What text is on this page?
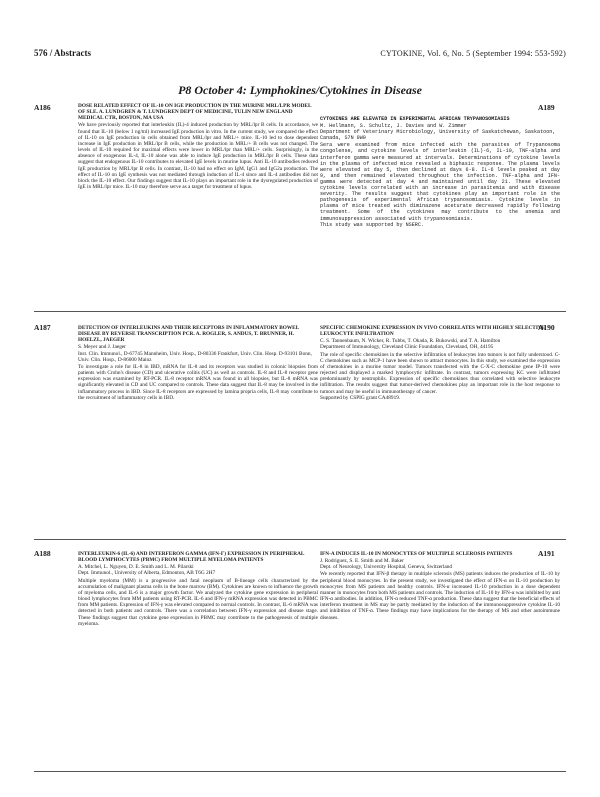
576 / Abstracts	CYTOKINE, Vol. 6, No. 5 (September 1994: 553-592)
P8 October 4: Lymphokines/Cytokines in Disease
A186	DOSE RELATED EFFECT OF IL-10 ON IGE PRODUCTION IN THE MURINE MRL/LPR MODEL OF SLE. A. LUNDGREN & T. LUNDGREN DEPT OF MEDICINE, TULIN NEW ENGLAND MEDICAL CTR, BOSTON, MA USA

We have previously reported that interleukin (IL)-4 induced production by MRL/lpr B cells. In accordance, we found that IL-10 (below 1 ng/ml) increased IgE production in vitro. In the current study, we compared the effect of IL-10 on IgE production in cells obtained from MRL/lpr and MRL/+ mice. IL-10 led to dose dependent increase in IgE production in MRL/lpr B cells, while the production in MRL/+ B cells was not changed. The levels of IL-10 required for maximal effects were lower in MRL/lpr than MRL/+ cells. Surprisingly, in the absence of exogenous IL-4, IL-10 alone was able to induce IgE production in MRL/lpr B cells. These data suggest that endogenous IL-10 contributes to elevated IgE levels in murine lupus. Anti IL-10 antibodies reduced IgE production by MRL/lpr B cells. In contrast, IL-10 had no effect on IgM, IgG1 and IgG2a production. The effect of IL-10 on IgE synthesis was not mediated through induction of IL-4 since anti IL-4 antibodies did not block the IL-10 effect. Our findings suggest that IL-10 plays an important role in the dysregulated production of IgE in MRL/lpr mice. IL-10 may therefore serve as a target for treatment of lupus.

A189

CYTOKINES ARE ELEVATED IN EXPERIMENTAL AFRICAN TRYPANOSOMIASIS

M. Hellmann, S. Schultz, J. Davies and W. Zimmer

Department of Veterinary Microbiology, University of Saskatchewan, Saskatoon, Canada, S7N 0W0

Sera were examined from mice infected with the parasites of Trypanosoma congolense, and cytokine levels of interleukin (IL)-6, IL-10, TNF-alpha and interferon gamma were measured at intervals. Determinations of cytokine levels in the plasma of infected mice revealed a biphasic response. The plasma levels were elevated at day 5, then declined at days 6-8. IL-6 levels peaked at day 9, and then remained elevated throughout the infection. TNF-alpha and IFN-gamma were detected at day 4 and maintained until day 21. These elevated cytokine levels correlated with an increase in parasitemia and with disease severity. The results suggest that cytokines play an important role in the pathogenesis of experimental African trypanosomiasis. Cytokine levels in plasma of mice treated with diminazene aceturate decreased rapidly following treatment. Some of the cytokines may contribute to the anemia and immunosuppression associated with trypanosomiasis.

This study was supported by NSERC.

A187	DETECTION OF INTERLEUKINS AND THEIR RECEPTORS IN INFLAMMATORY BOWEL DISEASE BY REVERSE TRANSCRIPTION PCR. A. ROGLER, S. ANDUS, T. BRUNNER, H. HOELZL, JAEGER

S. Meyer and J. Jaeger

Inst. Clin. Immunol., D-67745 Mannheim, Univ. Hosp., D-80336 Frankfurt, Univ. Clin. Hosp. D-93101 Bonn, Univ. Clin. Hosp., D-86000 Mainz

To investigate a role for IL-8 in IBD, mRNA for IL-8 and its receptors was studied in colonic biopsies from patients with Crohn's disease (CD) and ulcerative colitis (UC) as well as controls. IL-8 and IL-8 receptor gene expression was examined by RT-PCR. IL-8 receptor mRNA was found in all biopsies, but IL-8 mRNA was significantly elevated in CD and UC compared to controls. These data suggest that IL-8 may be involved in the inflammatory process in IBD. Since IL-8 receptors are expressed by lamina propria cells, IL-8 may contribute to the recruitment of inflammatory cells in IBD.

A190

SPECIFIC CHEMOKINE EXPRESSION IN VIVO CORRELATES WITH HIGHLY SELECTIVE LEUKOCYTE INFILTRATION

C. S. Tannenbaum, N. Wicker, R. Tubbs, T. Okada, R. Bukowski, and T. A. Hamilton

Department of Immunology, Cleveland Clinic Foundation, Cleveland, OH, 44195

The role of specific chemokines in the selective infiltration of leukocytes into tumors is not fully understood. C-C chemokines such as MCP-1 have been shown to attract monocytes. In this study, we examined the expression of chemokines in a murine tumor model. Tumors transfected with the C-X-C chemokine gene IP-10 were rejected and displayed a marked lymphocytic infiltrate. In contrast, tumors expressing KC were infiltrated predominantly by neutrophils. Expression of specific chemokines thus correlated with selective leukocyte infiltration. The results suggest that tumor-derived chemokines play an important role in the host response to tumors and may be useful in immunotherapy of cancer.

Supported by CSPIG grant CA48919.

A188	INTERLEUKIN-6 (IL-6) AND INTERFERON GAMMA (IFN-Γ) EXPRESSION IN PERIPHERAL BLOOD LYMPHOCYTES (PBMC) FROM MULTIPLE MYELOMA PATIENTS

A. Mitchel, L. Nguyen, D. E. Smith and L. M. Pilarski

Dept. Immunol., University of Alberta, Edmonton, AB T6G 2H7

Multiple myeloma (MM) is a progressive and fatal neoplasm of B-lineage cells characterized by the accumulation of malignant plasma cells in the bone marrow (BM). Cytokines are known to influence the growth of myeloma cells, and IL-6 is a major growth factor. We analyzed the cytokine gene expression in peripheral blood lymphocytes from MM patients using RT-PCR. IL-6 and IFN-γ mRNA expression was detected in PBMC from MM patients. Expression of IFN-γ was elevated compared to normal controls. In contrast, IL-6 mRNA was detected in both patients and controls. There was a correlation between IFN-γ expression and disease stage. These findings suggest that cytokine gene expression in PBMC may contribute to the pathogenesis of multiple myeloma.

A191

IFN-Α INDUCES IL-10 IN MONOCYTES OF MULTIPLE SCLEROSIS PATIENTS

J. Rodriguez, S. E. Smith and M. Baker

Dept. of Neurology, University Hospital, Geneva, Switzerland

We recently reported that IFN-β therapy in multiple sclerosis (MS) patients induces the production of IL-10 by peripheral blood monocytes. In the present study, we investigated the effect of IFN-α on IL-10 production by monocytes from MS patients and healthy controls. IFN-α increased IL-10 production in a dose dependent manner in monocytes from both MS patients and controls. The induction of IL-10 by IFN-α was inhibited by anti IFN-α antibodies. In addition, IFN-α reduced TNF-α production. These data suggest that the beneficial effects of interferon treatment in MS may be partly mediated by the induction of the immunosuppressive cytokine IL-10 and inhibition of TNF-α. These findings may have implications for the therapy of MS and other autoimmune diseases.
